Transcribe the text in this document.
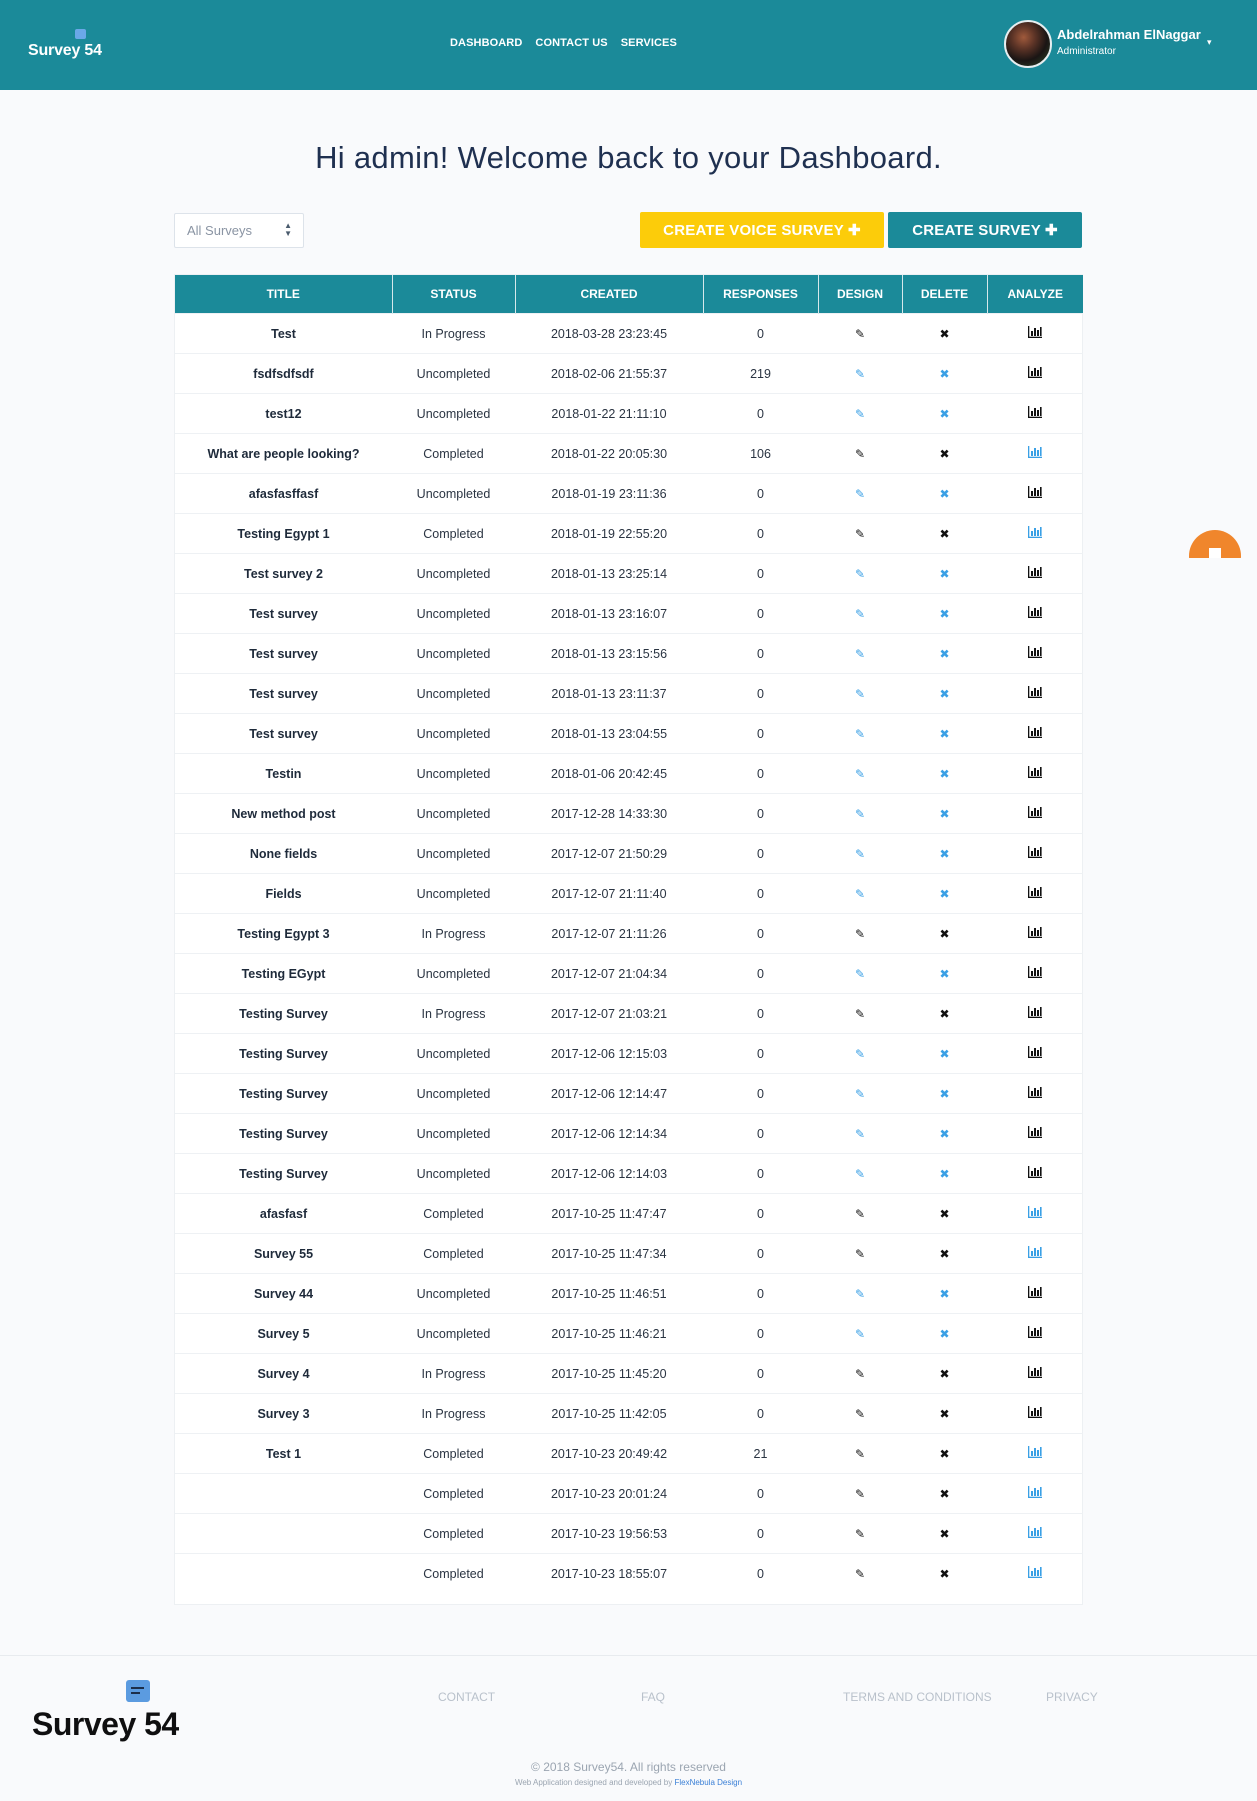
Survey 54	DASHBOARD CONTACT US SERVICES
Abdelrahman ElNaggar
Administrator
▾
Hi admin! Welcome back to your Dashboard.
All Surveys	▲
▼	CREATE VOICE SURVEY ✚	CREATE SURVEY ✚
TITLE	STATUS	CREATED	RESPONSES	DESIGN	DELETE	ANALYZE
Test	In Progress	2018-03-28 23:23:45	0	✎	✖	
fsdfsdfsdf	Uncompleted	2018-02-06 21:55:37	219	✎	✖	
test12	Uncompleted	2018-01-22 21:11:10	0	✎	✖	
What are people looking?	Completed	2018-01-22 20:05:30	106	✎	✖	
afasfasffasf	Uncompleted	2018-01-19 23:11:36	0	✎	✖	
Testing Egypt 1	Completed	2018-01-19 22:55:20	0	✎	✖	
Test survey 2	Uncompleted	2018-01-13 23:25:14	0	✎	✖	
Test survey	Uncompleted	2018-01-13 23:16:07	0	✎	✖	
Test survey	Uncompleted	2018-01-13 23:15:56	0	✎	✖	
Test survey	Uncompleted	2018-01-13 23:11:37	0	✎	✖	
Test survey	Uncompleted	2018-01-13 23:04:55	0	✎	✖	
Testin	Uncompleted	2018-01-06 20:42:45	0	✎	✖	
New method post	Uncompleted	2017-12-28 14:33:30	0	✎	✖	
None fields	Uncompleted	2017-12-07 21:50:29	0	✎	✖	
Fields	Uncompleted	2017-12-07 21:11:40	0	✎	✖	
Testing Egypt 3	In Progress	2017-12-07 21:11:26	0	✎	✖	
Testing EGypt	Uncompleted	2017-12-07 21:04:34	0	✎	✖	
Testing Survey	In Progress	2017-12-07 21:03:21	0	✎	✖	
Testing Survey	Uncompleted	2017-12-06 12:15:03	0	✎	✖	
Testing Survey	Uncompleted	2017-12-06 12:14:47	0	✎	✖	
Testing Survey	Uncompleted	2017-12-06 12:14:34	0	✎	✖	
Testing Survey	Uncompleted	2017-12-06 12:14:03	0	✎	✖	
afasfasf	Completed	2017-10-25 11:47:47	0	✎	✖	
Survey 55	Completed	2017-10-25 11:47:34	0	✎	✖	
Survey 44	Uncompleted	2017-10-25 11:46:51	0	✎	✖	
Survey 5	Uncompleted	2017-10-25 11:46:21	0	✎	✖	
Survey 4	In Progress	2017-10-25 11:45:20	0	✎	✖	
Survey 3	In Progress	2017-10-25 11:42:05	0	✎	✖	
Test 1	Completed	2017-10-23 20:49:42	21	✎	✖	
	Completed	2017-10-23 20:01:24	0	✎	✖	
	Completed	2017-10-23 19:56:53	0	✎	✖	
	Completed	2017-10-23 18:55:07	0	✎	✖	
Survey 54
CONTACT	FAQ	TERMS AND CONDITIONS	PRIVACY
© 2018 Survey54. All rights reserved
Web Application designed and developed by FlexNebula Design
